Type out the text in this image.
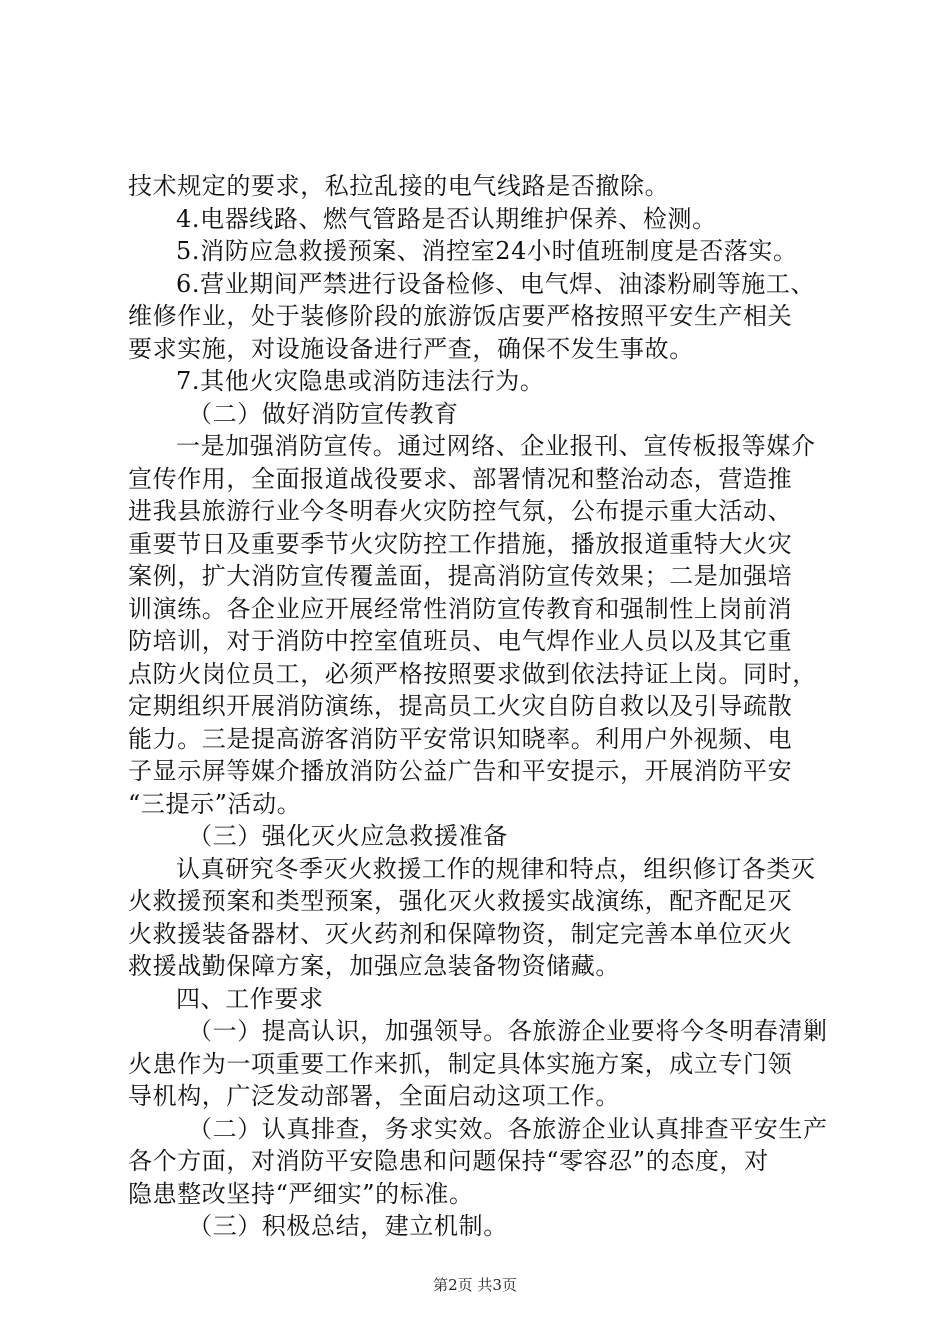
技术规定的要求，私拉乱接的电气线路是否撤除。
4.电器线路、燃气管路是否认期维护保养、检测。
5.消防应急救援预案、消控室24小时值班制度是否落实。
6.营业期间严禁进行设备检修、电气焊、油漆粉刷等施工、
维修作业，处于装修阶段的旅游饭店要严格按照平安生产相关
要求实施，对设施设备进行严查，确保不发生事故。
7.其他火灾隐患或消防违法行为。
（二）做好消防宣传教育
一是加强消防宣传。通过网络、企业报刊、宣传板报等媒介
宣传作用，全面报道战役要求、部署情况和整治动态，营造推
进我县旅游行业今冬明春火灾防控气氛，公布提示重大活动、
重要节日及重要季节火灾防控工作措施，播放报道重特大火灾
案例，扩大消防宣传覆盖面，提高消防宣传效果；二是加强培
训演练。各企业应开展经常性消防宣传教育和强制性上岗前消
防培训，对于消防中控室值班员、电气焊作业人员以及其它重
点防火岗位员工，必须严格按照要求做到依法持证上岗。同时，
定期组织开展消防演练，提高员工火灾自防自救以及引导疏散
能力。三是提高游客消防平安常识知晓率。利用户外视频、电
子显示屏等媒介播放消防公益广告和平安提示，开展消防平安
“三提示”活动。
（三）强化灭火应急救援准备
认真研究冬季灭火救援工作的规律和特点，组织修订各类灭
火救援预案和类型预案，强化灭火救援实战演练，配齐配足灭
火救援装备器材、灭火药剂和保障物资，制定完善本单位灭火
救援战勤保障方案，加强应急装备物资储藏。
四、工作要求
（一）提高认识，加强领导。各旅游企业要将今冬明春清剿
火患作为一项重要工作来抓，制定具体实施方案，成立专门领
导机构，广泛发动部署，全面启动这项工作。
（二）认真排查，务求实效。各旅游企业认真排查平安生产
各个方面，对消防平安隐患和问题保持“零容忍”的态度，对
隐患整改坚持“严细实”的标准。
（三）积极总结，建立机制。
第2页 共3页
